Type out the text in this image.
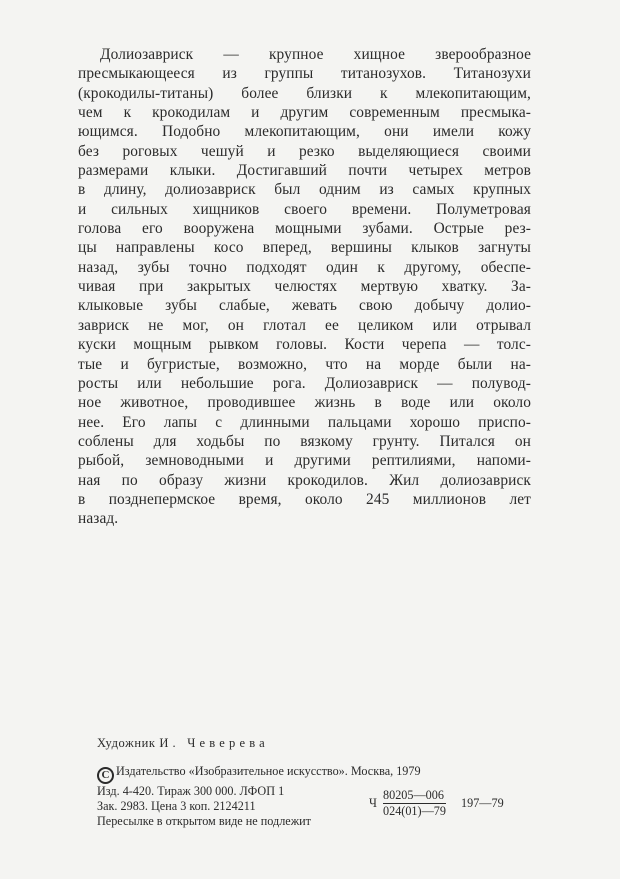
Долиозавриск — крупное хищное зверообразное
пресмыкающееся из группы титанозухов. Титанозухи
(крокодилы-титаны) более близки к млекопитающим,
чем к крокодилам и другим современным пресмыка-
ющимся. Подобно млекопитающим, они имели кожу
без роговых чешуй и резко выделяющиеся своими
размерами клыки. Достигавший почти четырех метров
в длину, долиозавриск был одним из самых крупных
и сильных хищников своего времени. Полуметровая
голова его вооружена мощными зубами. Острые рез-
цы направлены косо вперед, вершины клыков загнуты
назад, зубы точно подходят один к другому, обеспе-
чивая при закрытых челюстях мертвую хватку. За-
клыковые зубы слабые, жевать свою добычу долио-
завриск не мог, он глотал ее целиком или отрывал
куски мощным рывком головы. Кости черепа — толс-
тые и бугристые, возможно, что на морде были на-
росты или небольшие рога. Долиозавриск — полувод-
ное животное, проводившее жизнь в воде или около
нее. Его лапы с длинными пальцами хорошо приспо-
соблены для ходьбы по вязкому грунту. Питался он
рыбой, земноводными и другими рептилиями, напоми-
ная по образу жизни крокодилов. Жил долиозавриск
в позднепермское время, около 245 миллионов лет
назад.
Художник И. Чеверева
C Издательство «Изобразительное искусство». Москва, 1979
Изд. 4-420. Тираж 300 000. ЛФОП 1
Зак. 2983. Цена 3 коп. 2124211
Пересылке в открытом виде не подлежит
Ч $\frac{80205—006}{024(01)—79}$ 197—79
